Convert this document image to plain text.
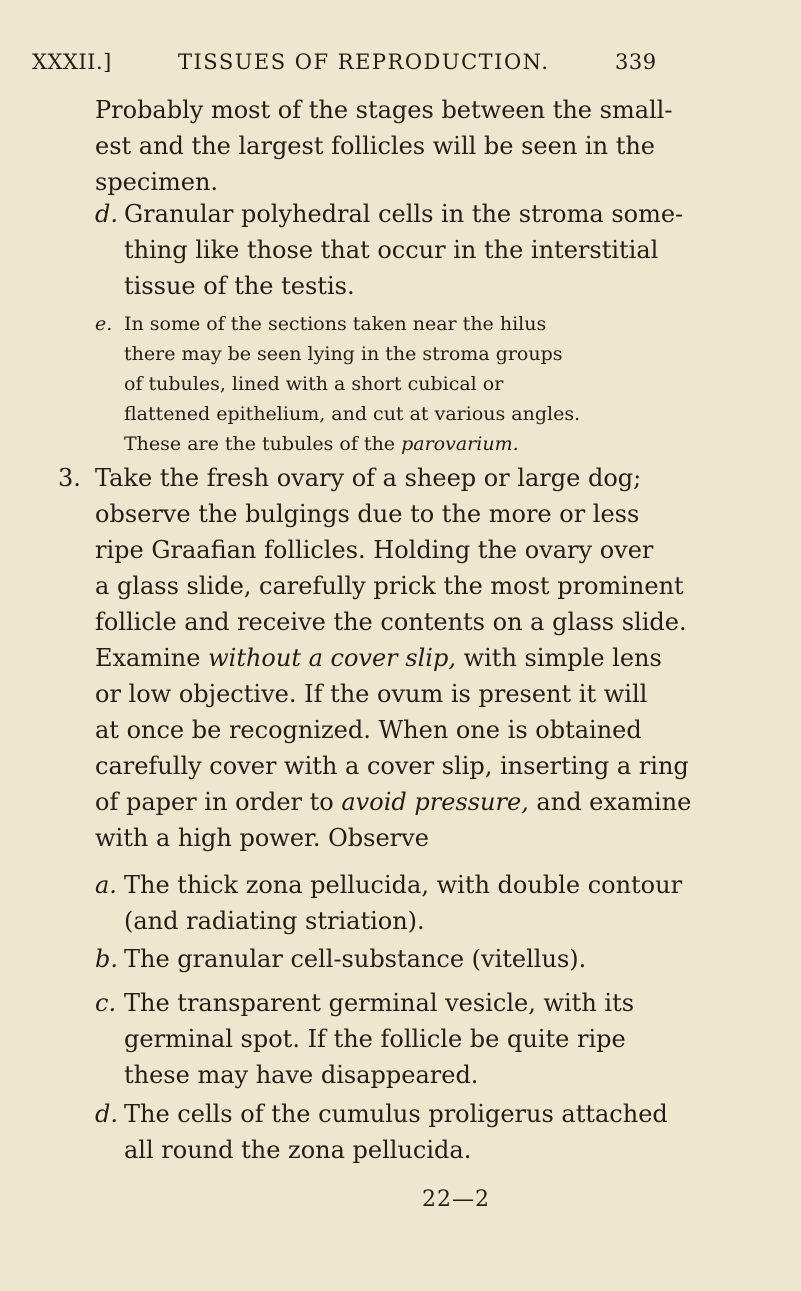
XXXII.]	TISSUES OF REPRODUCTION.	339
Probably most of the stages between the small-
est and the largest follicles will be seen in the
specimen.
d. Granular polyhedral cells in the stroma some-
thing like those that occur in the interstitial
tissue of the testis.
e. In some of the sections taken near the hilus
there may be seen lying in the stroma groups
of tubules, lined with a short cubical or
flattened epithelium, and cut at various angles.
These are the tubules of the parovarium.
3. Take the fresh ovary of a sheep or large dog;
observe the bulgings due to the more or less
ripe Graafian follicles. Holding the ovary over
a glass slide, carefully prick the most prominent
follicle and receive the contents on a glass slide.
Examine without a cover slip, with simple lens
or low objective. If the ovum is present it will
at once be recognized. When one is obtained
carefully cover with a cover slip, inserting a ring
of paper in order to avoid pressure, and examine
with a high power. Observe
a. The thick zona pellucida, with double contour
(and radiating striation).
b. The granular cell-substance (vitellus).
c. The transparent germinal vesicle, with its
germinal spot. If the follicle be quite ripe
these may have disappeared.
d. The cells of the cumulus proligerus attached
all round the zona pellucida.
22—2
